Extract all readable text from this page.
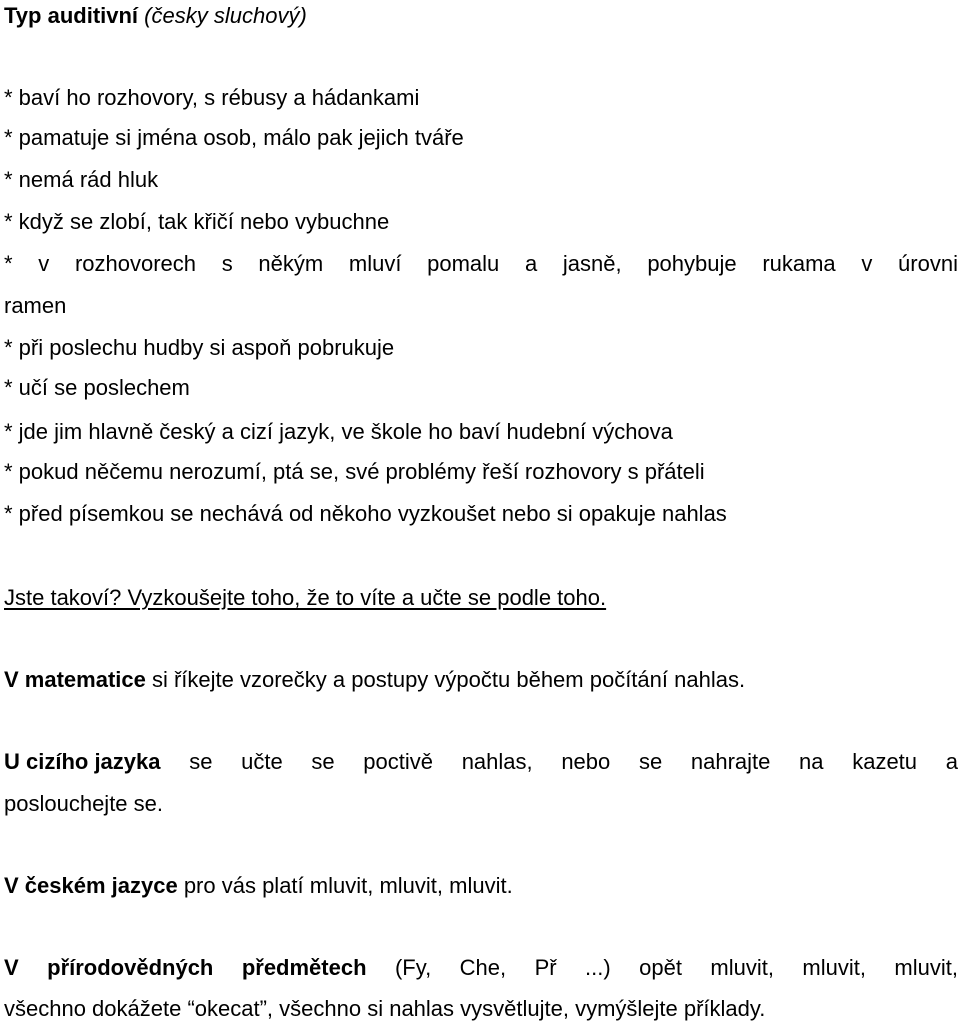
Typ auditivní (česky sluchový)
* baví ho rozhovory, s rébusy a hádankami
* pamatuje si jména osob, málo pak jejich tváře
* nemá rád hluk
* když se zlobí, tak křičí nebo vybuchne
* v rozhovorech s někým mluví pomalu a jasně, pohybuje rukama v úrovni
ramen
* při poslechu hudby si aspoň pobrukuje
* učí se poslechem
* jde jim hlavně český a cizí jazyk, ve škole ho baví hudební výchova
* pokud něčemu nerozumí, ptá se, své problémy řeší rozhovory s přáteli
* před písemkou se nechává od někoho vyzkoušet nebo si opakuje nahlas
Jste takoví? Vyzkoušejte toho, že to víte a učte se podle toho.
V matematice si říkejte vzorečky a postupy výpočtu během počítání nahlas.
U cizího jazyka se učte se poctivě nahlas, nebo se nahrajte na kazetu a
poslouchejte se.
V českém jazyce pro vás platí mluvit, mluvit, mluvit.
V přírodovědných předmětech (Fy, Che, Př ...) opět mluvit, mluvit, mluvit,
všechno dokážete “okecat”, všechno si nahlas vysvětlujte, vymýšlejte příklady.
